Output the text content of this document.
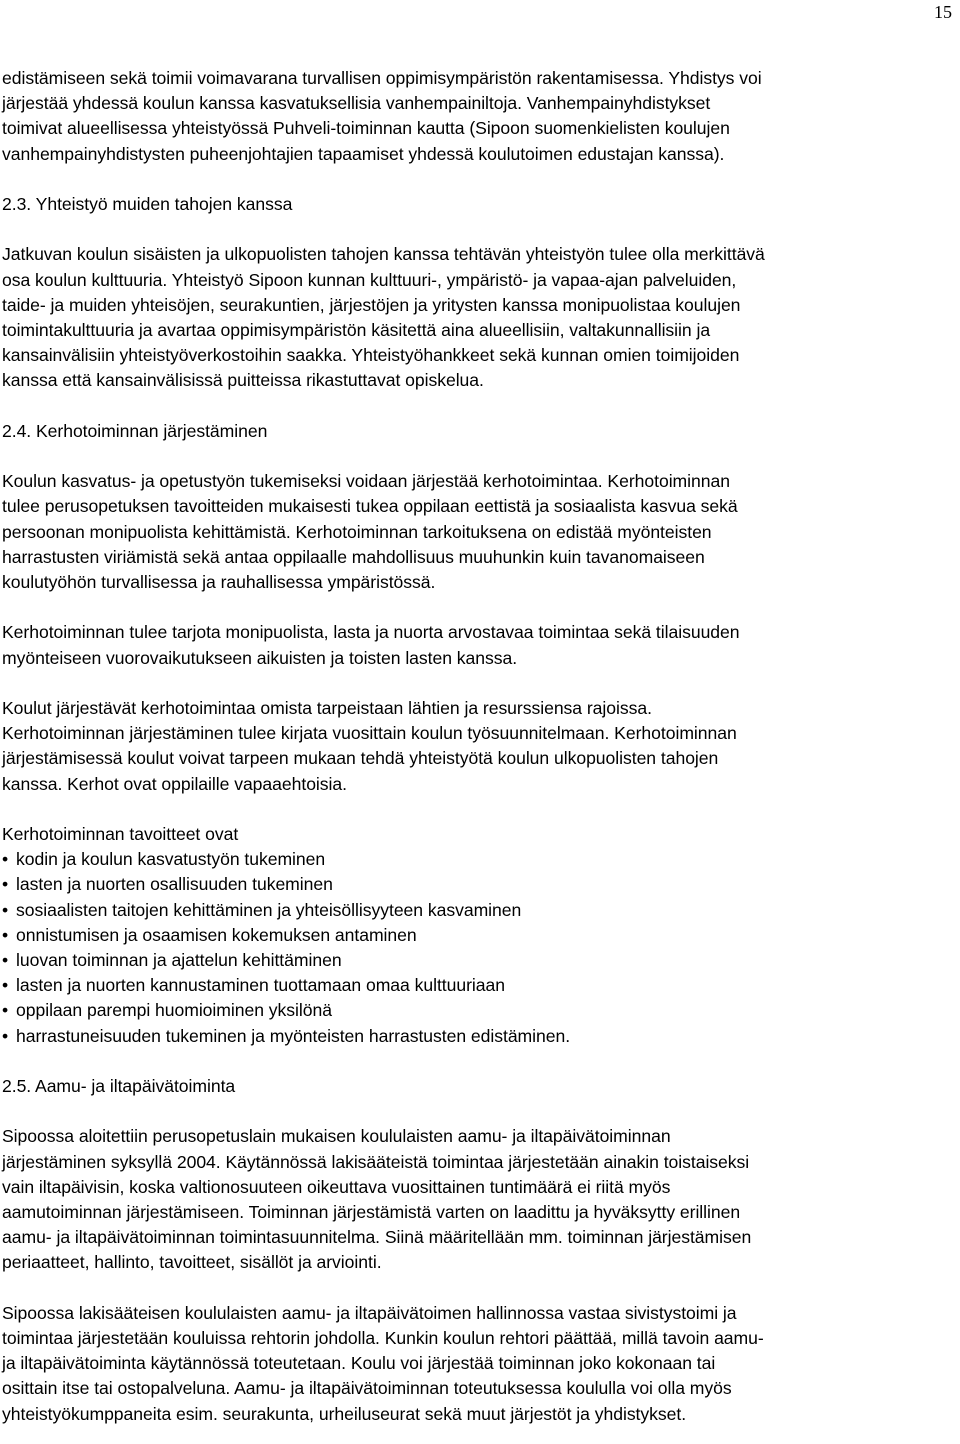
15

edistämiseen sekä toimii voimavarana turvallisen oppimisympäristön rakentamisessa. Yhdistys voi
järjestää yhdessä koulun kanssa kasvatuksellisia vanhempainiltoja. Vanhempainyhdistykset
toimivat alueellisessa yhteistyössä Puhveli-toiminnan kautta (Sipoon suomenkielisten koulujen
vanhempainyhdistysten puheenjohtajien tapaamiset yhdessä koulutoimen edustajan kanssa).

2.3. Yhteistyö muiden tahojen kanssa

Jatkuvan koulun sisäisten ja ulkopuolisten tahojen kanssa tehtävän yhteistyön tulee olla merkittävä
osa koulun kulttuuria. Yhteistyö Sipoon kunnan kulttuuri-, ympäristö- ja vapaa-ajan palveluiden,
taide- ja muiden yhteisöjen, seurakuntien, järjestöjen ja yritysten kanssa monipuolistaa koulujen
toimintakulttuuria ja avartaa oppimisympäristön käsitettä aina alueellisiin, valtakunnallisiin ja
kansainvälisiin yhteistyöverkostoihin saakka. Yhteistyöhankkeet sekä kunnan omien toimijoiden
kanssa että kansainvälisissä puitteissa rikastuttavat opiskelua.

2.4. Kerhotoiminnan järjestäminen

Koulun kasvatus- ja opetustyön tukemiseksi voidaan järjestää kerhotoimintaa. Kerhotoiminnan
tulee perusopetuksen tavoitteiden mukaisesti tukea oppilaan eettistä ja sosiaalista kasvua sekä
persoonan monipuolista kehittämistä. Kerhotoiminnan tarkoituksena on edistää myönteisten
harrastusten viriämistä sekä antaa oppilaalle mahdollisuus muuhunkin kuin tavanomaiseen
koulutyöhön turvallisessa ja rauhallisessa ympäristössä.

Kerhotoiminnan tulee tarjota monipuolista, lasta ja nuorta arvostavaa toimintaa sekä tilaisuuden
myönteiseen vuorovaikutukseen aikuisten ja toisten lasten kanssa.

Koulut järjestävät kerhotoimintaa omista tarpeistaan lähtien ja resurssiensa rajoissa.
Kerhotoiminnan järjestäminen tulee kirjata vuosittain koulun työsuunnitelmaan. Kerhotoiminnan
järjestämisessä koulut voivat tarpeen mukaan tehdä yhteistyötä koulun ulkopuolisten tahojen
kanssa. Kerhot ovat oppilaille vapaaehtoisia.

Kerhotoiminnan tavoitteet ovat

• kodin ja koulun kasvatustyön tukeminen
• lasten ja nuorten osallisuuden tukeminen
• sosiaalisten taitojen kehittäminen ja yhteisöllisyyteen kasvaminen
• onnistumisen ja osaamisen kokemuksen antaminen
• luovan toiminnan ja ajattelun kehittäminen
• lasten ja nuorten kannustaminen tuottamaan omaa kulttuuriaan
• oppilaan parempi huomioiminen yksilönä
• harrastuneisuuden tukeminen ja myönteisten harrastusten edistäminen.
2.5. Aamu- ja iltapäivätoiminta

Sipoossa aloitettiin perusopetuslain mukaisen koululaisten aamu- ja iltapäivätoiminnan
järjestäminen syksyllä 2004. Käytännössä lakisääteistä toimintaa järjestetään ainakin toistaiseksi
vain iltapäivisin, koska valtionosuuteen oikeuttava vuosittainen tuntimäärä ei riitä myös
aamutoiminnan järjestämiseen. Toiminnan järjestämistä varten on laadittu ja hyväksytty erillinen
aamu- ja iltapäivätoiminnan toimintasuunnitelma. Siinä määritellään mm. toiminnan järjestämisen
periaatteet, hallinto, tavoitteet, sisällöt ja arviointi.

Sipoossa lakisääteisen koululaisten aamu- ja iltapäivätoimen hallinnossa vastaa sivistystoimi ja
toimintaa järjestetään kouluissa rehtorin johdolla. Kunkin koulun rehtori päättää, millä tavoin aamu-
ja iltapäivätoiminta käytännössä toteutetaan. Koulu voi järjestää toiminnan joko kokonaan tai
osittain itse tai ostopalveluna. Aamu- ja iltapäivätoiminnan toteutuksessa koululla voi olla myös
yhteistyökumppaneita esim. seurakunta, urheiluseurat sekä muut järjestöt ja yhdistykset.
